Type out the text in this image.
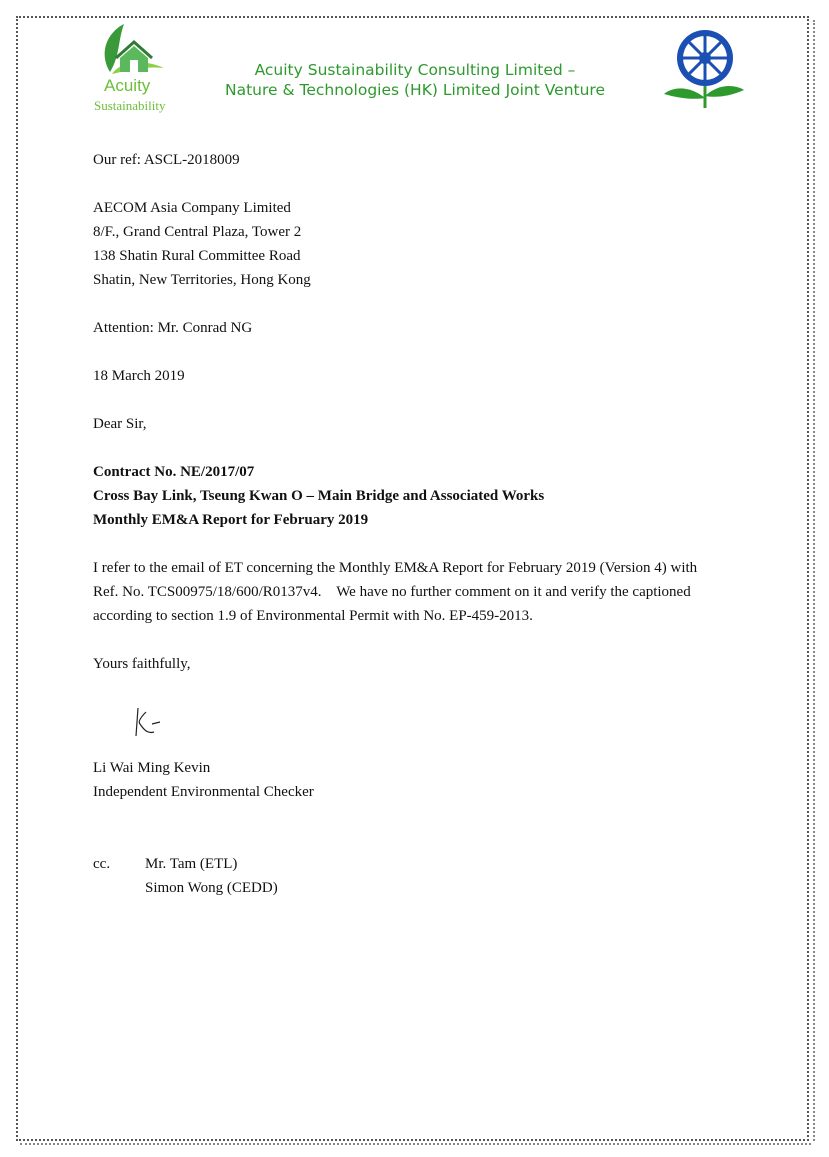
Acuity
Sustainability
Acuity Sustainability Consulting Limited –
Nature & Technologies (HK) Limited Joint Venture
Our ref: ASCL-2018009
AECOM Asia Company Limited
8/F., Grand Central Plaza, Tower 2
138 Shatin Rural Committee Road
Shatin, New Territories, Hong Kong
Attention: Mr. Conrad NG
18 March 2019
Dear Sir,
Contract No. NE/2017/07
Cross Bay Link, Tseung Kwan O – Main Bridge and Associated Works
Monthly EM&A Report for February 2019
I refer to the email of ET concerning the Monthly EM&A Report for February 2019 (Version 4) with
Ref. No. TCS00975/18/600/R0137v4.    We have no further comment on it and verify the captioned
according to section 1.9 of Environmental Permit with No. EP-459-2013.
Yours faithfully,
Li Wai Ming Kevin
Independent Environmental Checker
cc. Mr. Tam (ETL)
Simon Wong (CEDD)
